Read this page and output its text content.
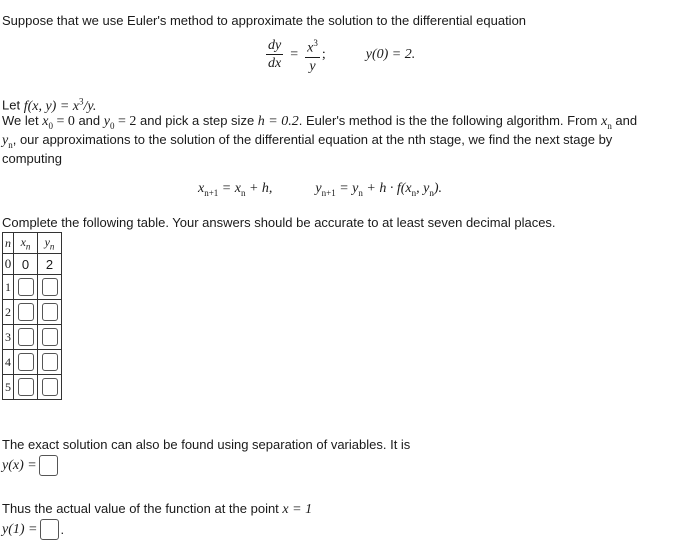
Suppose that we use Euler's method to approximate the solution to the differential equation
$\frac{dy}{dx} = \frac{x^3}{y}$ ;	y(0) = 2.
Let f(x, $y) = x^3/y$.
We let $x_0 = 0$ and $y_0 = 2$ and pick a step size h = 0.2. Euler's method is the the following algorithm. From $x_n$ and
$y_n$, our approximations to the solution of the differential equation at the nth stage, we find the next stage by
computing
$x_{n+1} = x_n + h$,	$y_{n+1} = y_n + h \cdot f(x_n$, $y_n$).
Complete the following table. Your answers should be accurate to at least seven decimal places.
n	$x_n$	$y_n$
0	0	2
1	

2	

3	

4	

5	

The exact solution can also be found using separation of variables. It is
y(x) =
Thus the actual value of the function at the point x = 1
y(1) = .
